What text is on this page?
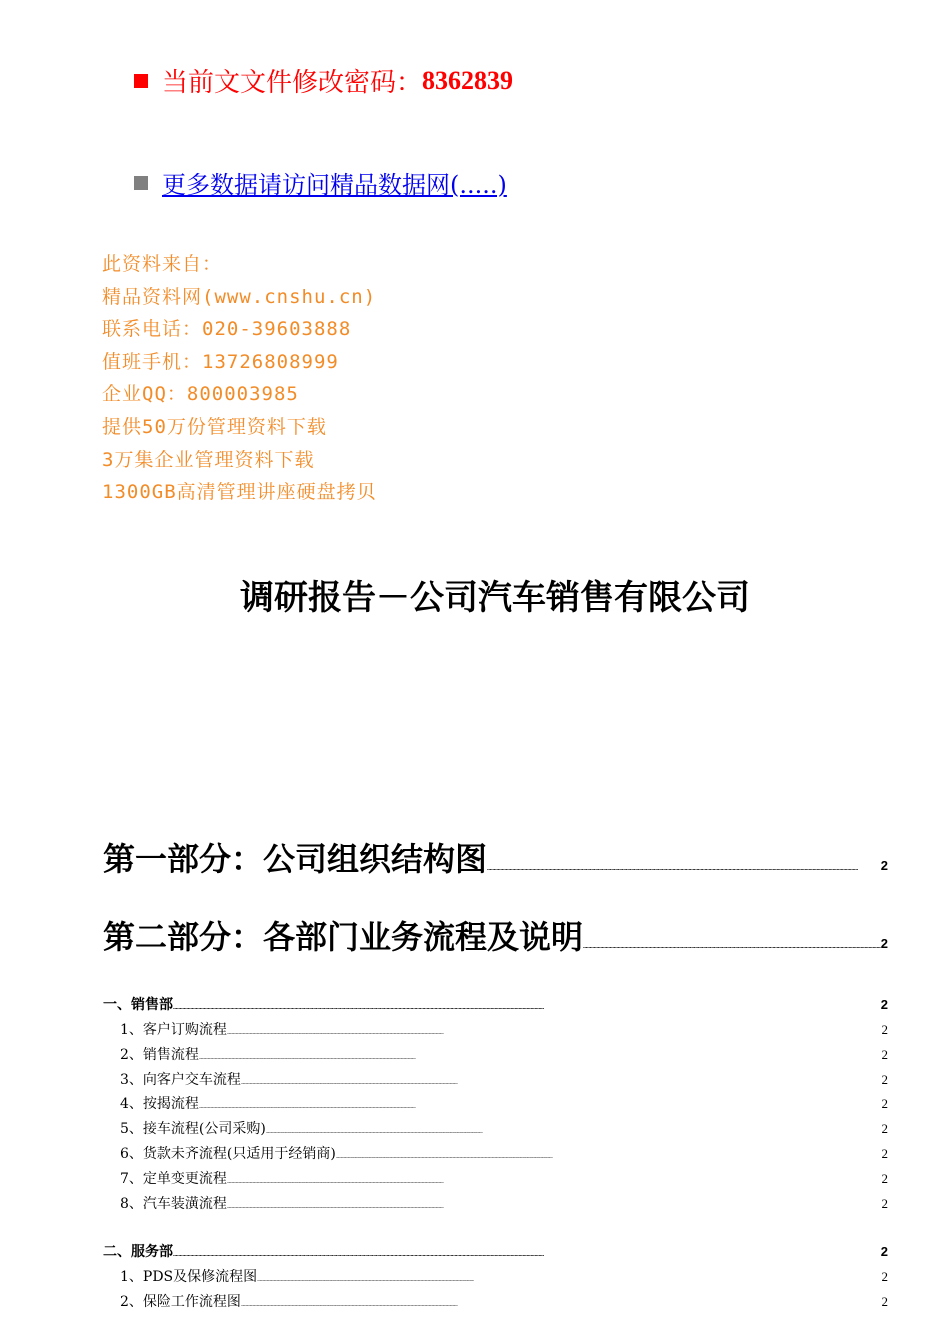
当前文文件修改密码： 8362839
更多数据请访问精品数据网(.....)
此资料来自：
精品资料网(www.cnshu.cn)
联系电话：020-39603888
值班手机：13726808999
企业QQ：800003985
提供50万份管理资料下载
3万集企业管理资料下载
1300GB高清管理讲座硬盘拷贝
调研报告－公司汽车销售有限公司
第一部分：公司组织结构图 . . .	2
第二部分：各部门业务流程及说明 . . .	2
一、销售部 . . .	2
1、客户订购流程 . . .	2
2、销售流程 . . .	2
3、向客户交车流程 . . .	2
4、按揭流程 . . .	2
5、接车流程(公司采购) . . .	2
6、货款未齐流程(只适用于经销商) . . .	2
7、定单变更流程 . . .	2
8、汽车装潢流程 . . .	2
二、服务部 . . .	2
1、PDS及保修流程图 . . .	2
2、保险工作流程图 . . .	2
